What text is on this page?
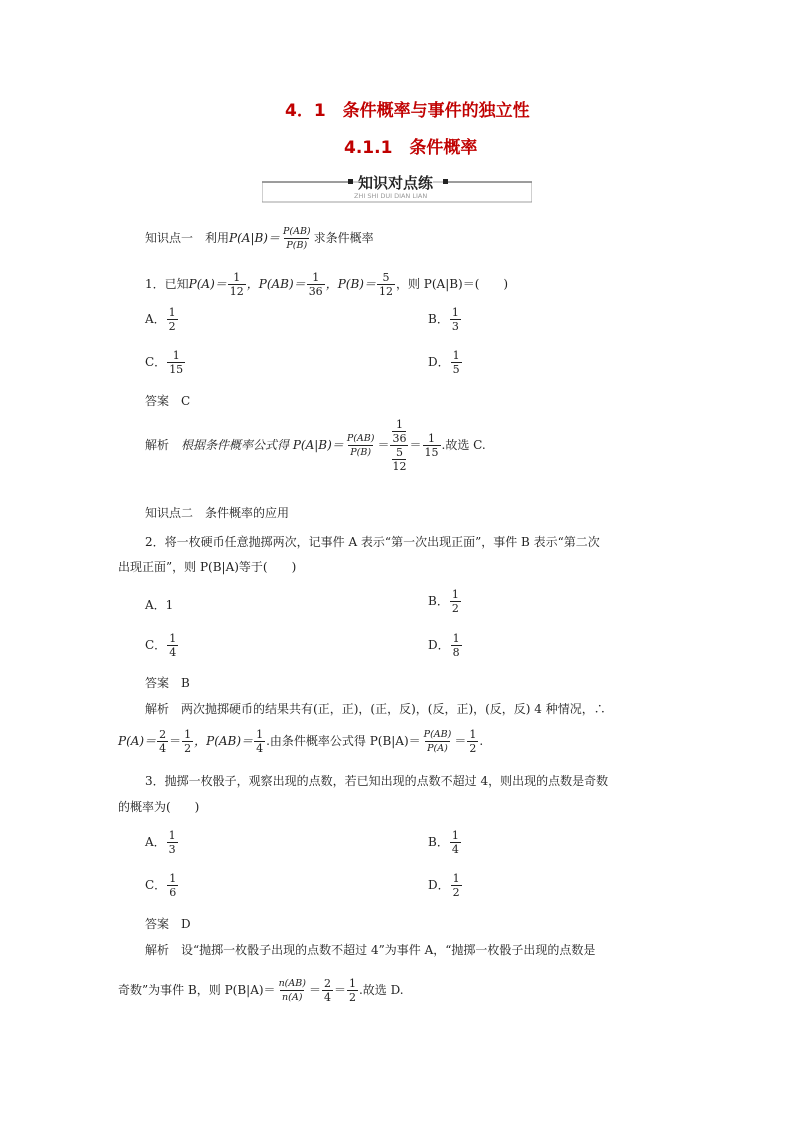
4．1　条件概率与事件的独立性
4.1.1　条件概率
知识对点练
ZHI SHI DUI DIAN LIAN
知识点一　利用$P(A|B)= \frac{P(AB)}{P(B)}$ 求条件概率
1．已知$P(A)= \frac{1}{12}$ ，$P(AB)= \frac{1}{36}$ ，$P(B)= \frac{5}{12}$ ，则 P(A|B)＝(　　)
A． $\frac{1}{2}$	B． $\frac{1}{3}$
C． $\frac{1}{15}$	D． $\frac{1}{5}$
答案　 C
解析　 根据条件概率公式得 $P(A|B)= \frac{P(AB)}{P(B)} = 1$
36
5
$12 = \frac{1}{15}$ .故选 C.
知识点二　条件概率的应用
2．将一枚硬币任意抛掷两次，记事件 A 表示“第一次出现正面”，事件 B 表示“第二次
出现正面”，则 P(B|A)等于(　　)
A．1	B． $\frac{1}{2}$
C． $\frac{1}{4}$	D． $\frac{1}{8}$
答案　 B
解析　 两次抛掷硬币的结果共有(正，正)，(正，反)，(反，正)，(反，反) 4 种情况，∴
$P(A)= \frac{2}{4} = \frac{1}{2}$ ，$P(AB)= \frac{1}{4}$ .由条件概率公式得 $P(B|A)= \frac{P(AB)}{P(A)} = \frac{1}{2}$ .
3．抛掷一枚骰子，观察出现的点数，若已知出现的点数不超过 4，则出现的点数是奇数
的概率为(　　)
A． $\frac{1}{3}$	B． $\frac{1}{4}$
C． $\frac{1}{6}$	D． $\frac{1}{2}$
答案　 D
解析　 设“抛掷一枚骰子出现的点数不超过 4”为事件 A，“抛掷一枚骰子出现的点数是
奇数”为事件 B，则 $P(B|A)= \frac{n(AB)}{n(A)} = \frac{2}{4} = \frac{1}{2}$ .故选 D.
